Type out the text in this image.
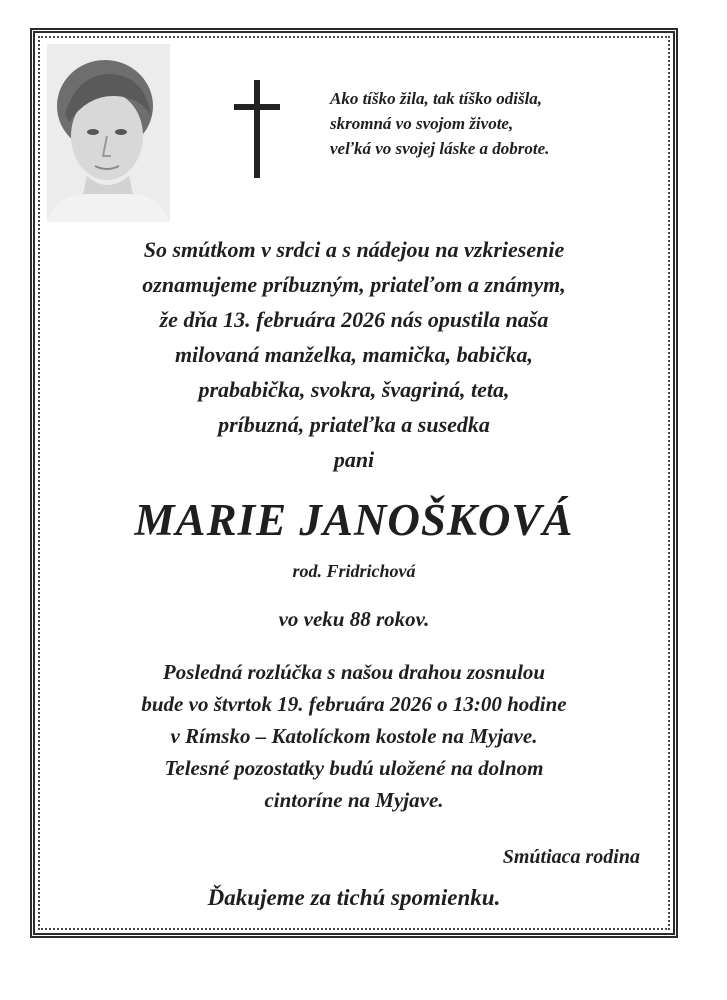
Ako tíško žila, tak tíško odišla,
skromná vo svojom živote,
veľká vo svojej láske a dobrote.
So smútkom v srdci a s nádejou na vzkriesenie
oznamujeme príbuzným, priateľom a známym,
že dňa 13. februára 2026 nás opustila naša
milovaná manželka, mamička, babička,
prababička, svokra, švagriná, teta,
príbuzná, priateľka a susedka
pani
MARIE JANOŠKOVÁ
rod. Fridrichová
vo veku 88 rokov.
Posledná rozlúčka s našou drahou zosnulou
bude vo štvrtok 19. februára 2026 o 13:00 hodine
v Rímsko – Katolíckom kostole na Myjave.
Telesné pozostatky budú uložené na dolnom
cintoríne na Myjave.
Smútiaca rodina
Ďakujeme za tichú spomienku.
